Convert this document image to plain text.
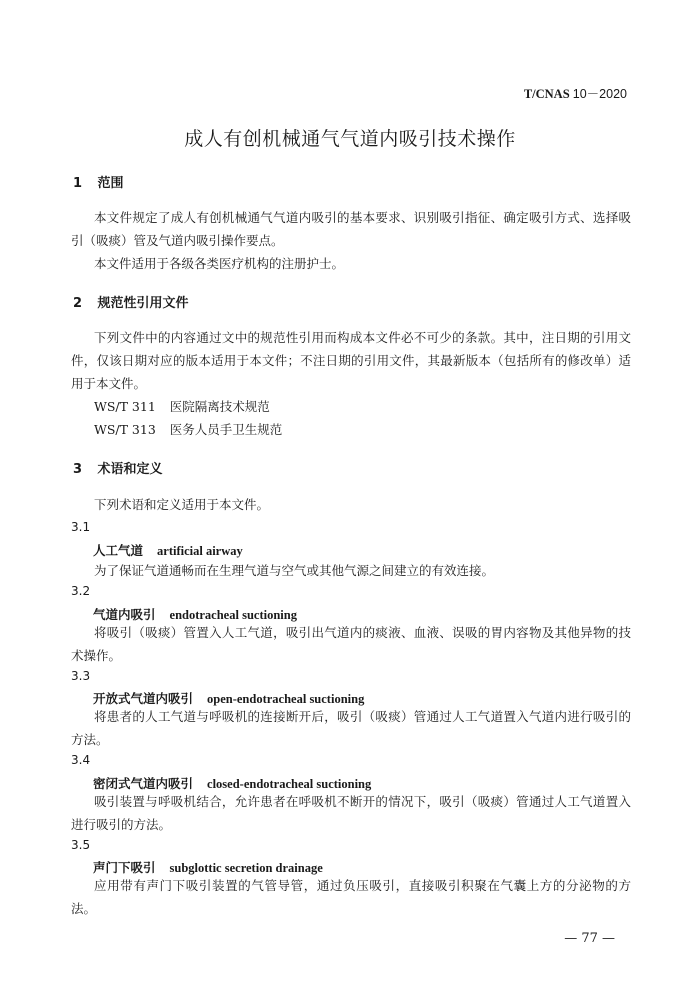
T/CNAS 10－2020
成人有创机械通气气道内吸引技术操作
1 范围
本文件规定了成人有创机械通气气道内吸引的基本要求、识别吸引指征、确定吸引方式、选择吸引（吸痰）管及气道内吸引操作要点。
本文件适用于各级各类医疗机构的注册护士。
2 规范性引用文件
下列文件中的内容通过文中的规范性引用而构成本文件必不可少的条款。其中，注日期的引用文件，仅该日期对应的版本适用于本文件；不注日期的引用文件，其最新版本（包括所有的修改单）适用于本文件。
WS/T 311 医院隔离技术规范
WS/T 313 医务人员手卫生规范
3 术语和定义
下列术语和定义适用于本文件。
3.1
人工气道 artificial airway
为了保证气道通畅而在生理气道与空气或其他气源之间建立的有效连接。
3.2
气道内吸引 endotracheal suctioning
将吸引（吸痰）管置入人工气道，吸引出气道内的痰液、血液、误吸的胃内容物及其他异物的技术操作。
3.3
开放式气道内吸引 open-endotracheal suctioning
将患者的人工气道与呼吸机的连接断开后，吸引（吸痰）管通过人工气道置入气道内进行吸引的方法。
3.4
密闭式气道内吸引 closed-endotracheal suctioning
吸引装置与呼吸机结合，允许患者在呼吸机不断开的情况下，吸引（吸痰）管通过人工气道置入进行吸引的方法。
3.5
声门下吸引 subglottic secretion drainage
应用带有声门下吸引装置的气管导管，通过负压吸引，直接吸引积聚在气囊上方的分泌物的方法。
— 77 —
